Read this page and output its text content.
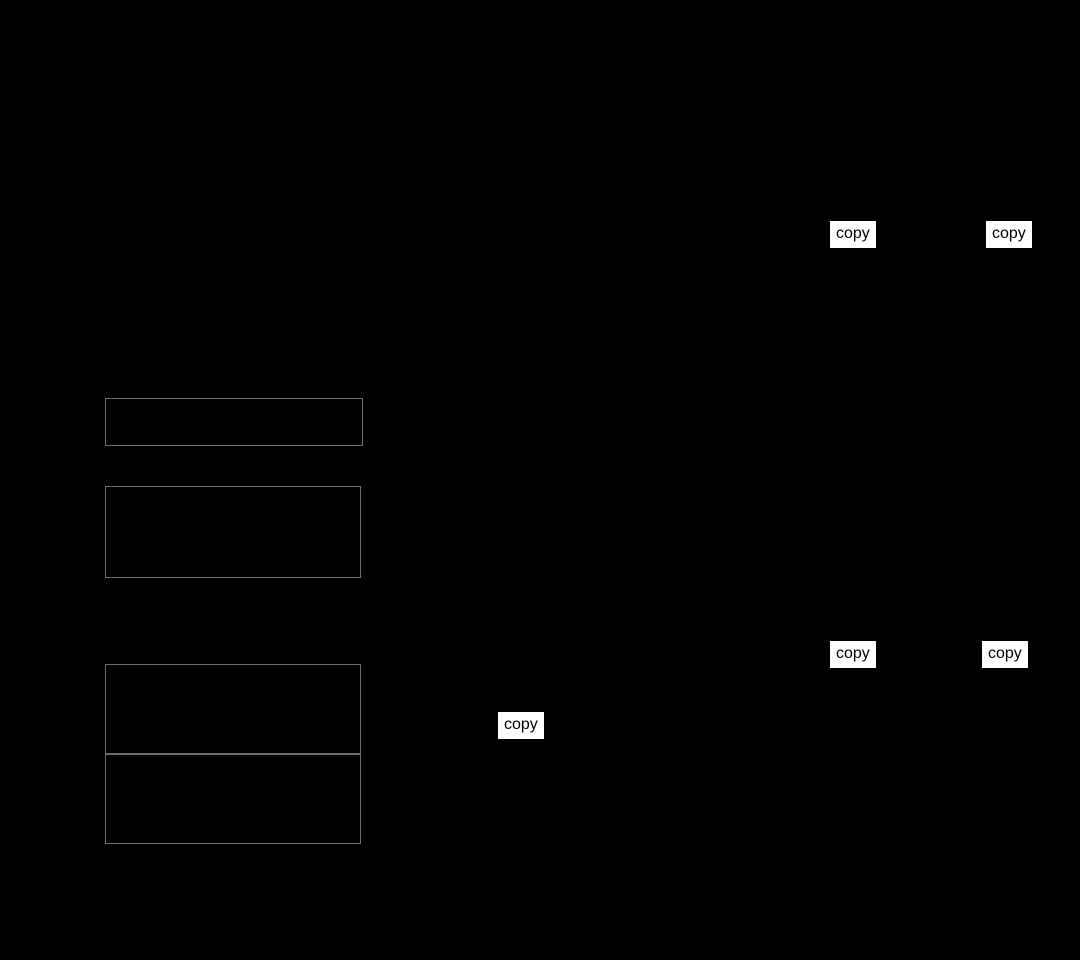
copy	copy
copy	copy
copy
